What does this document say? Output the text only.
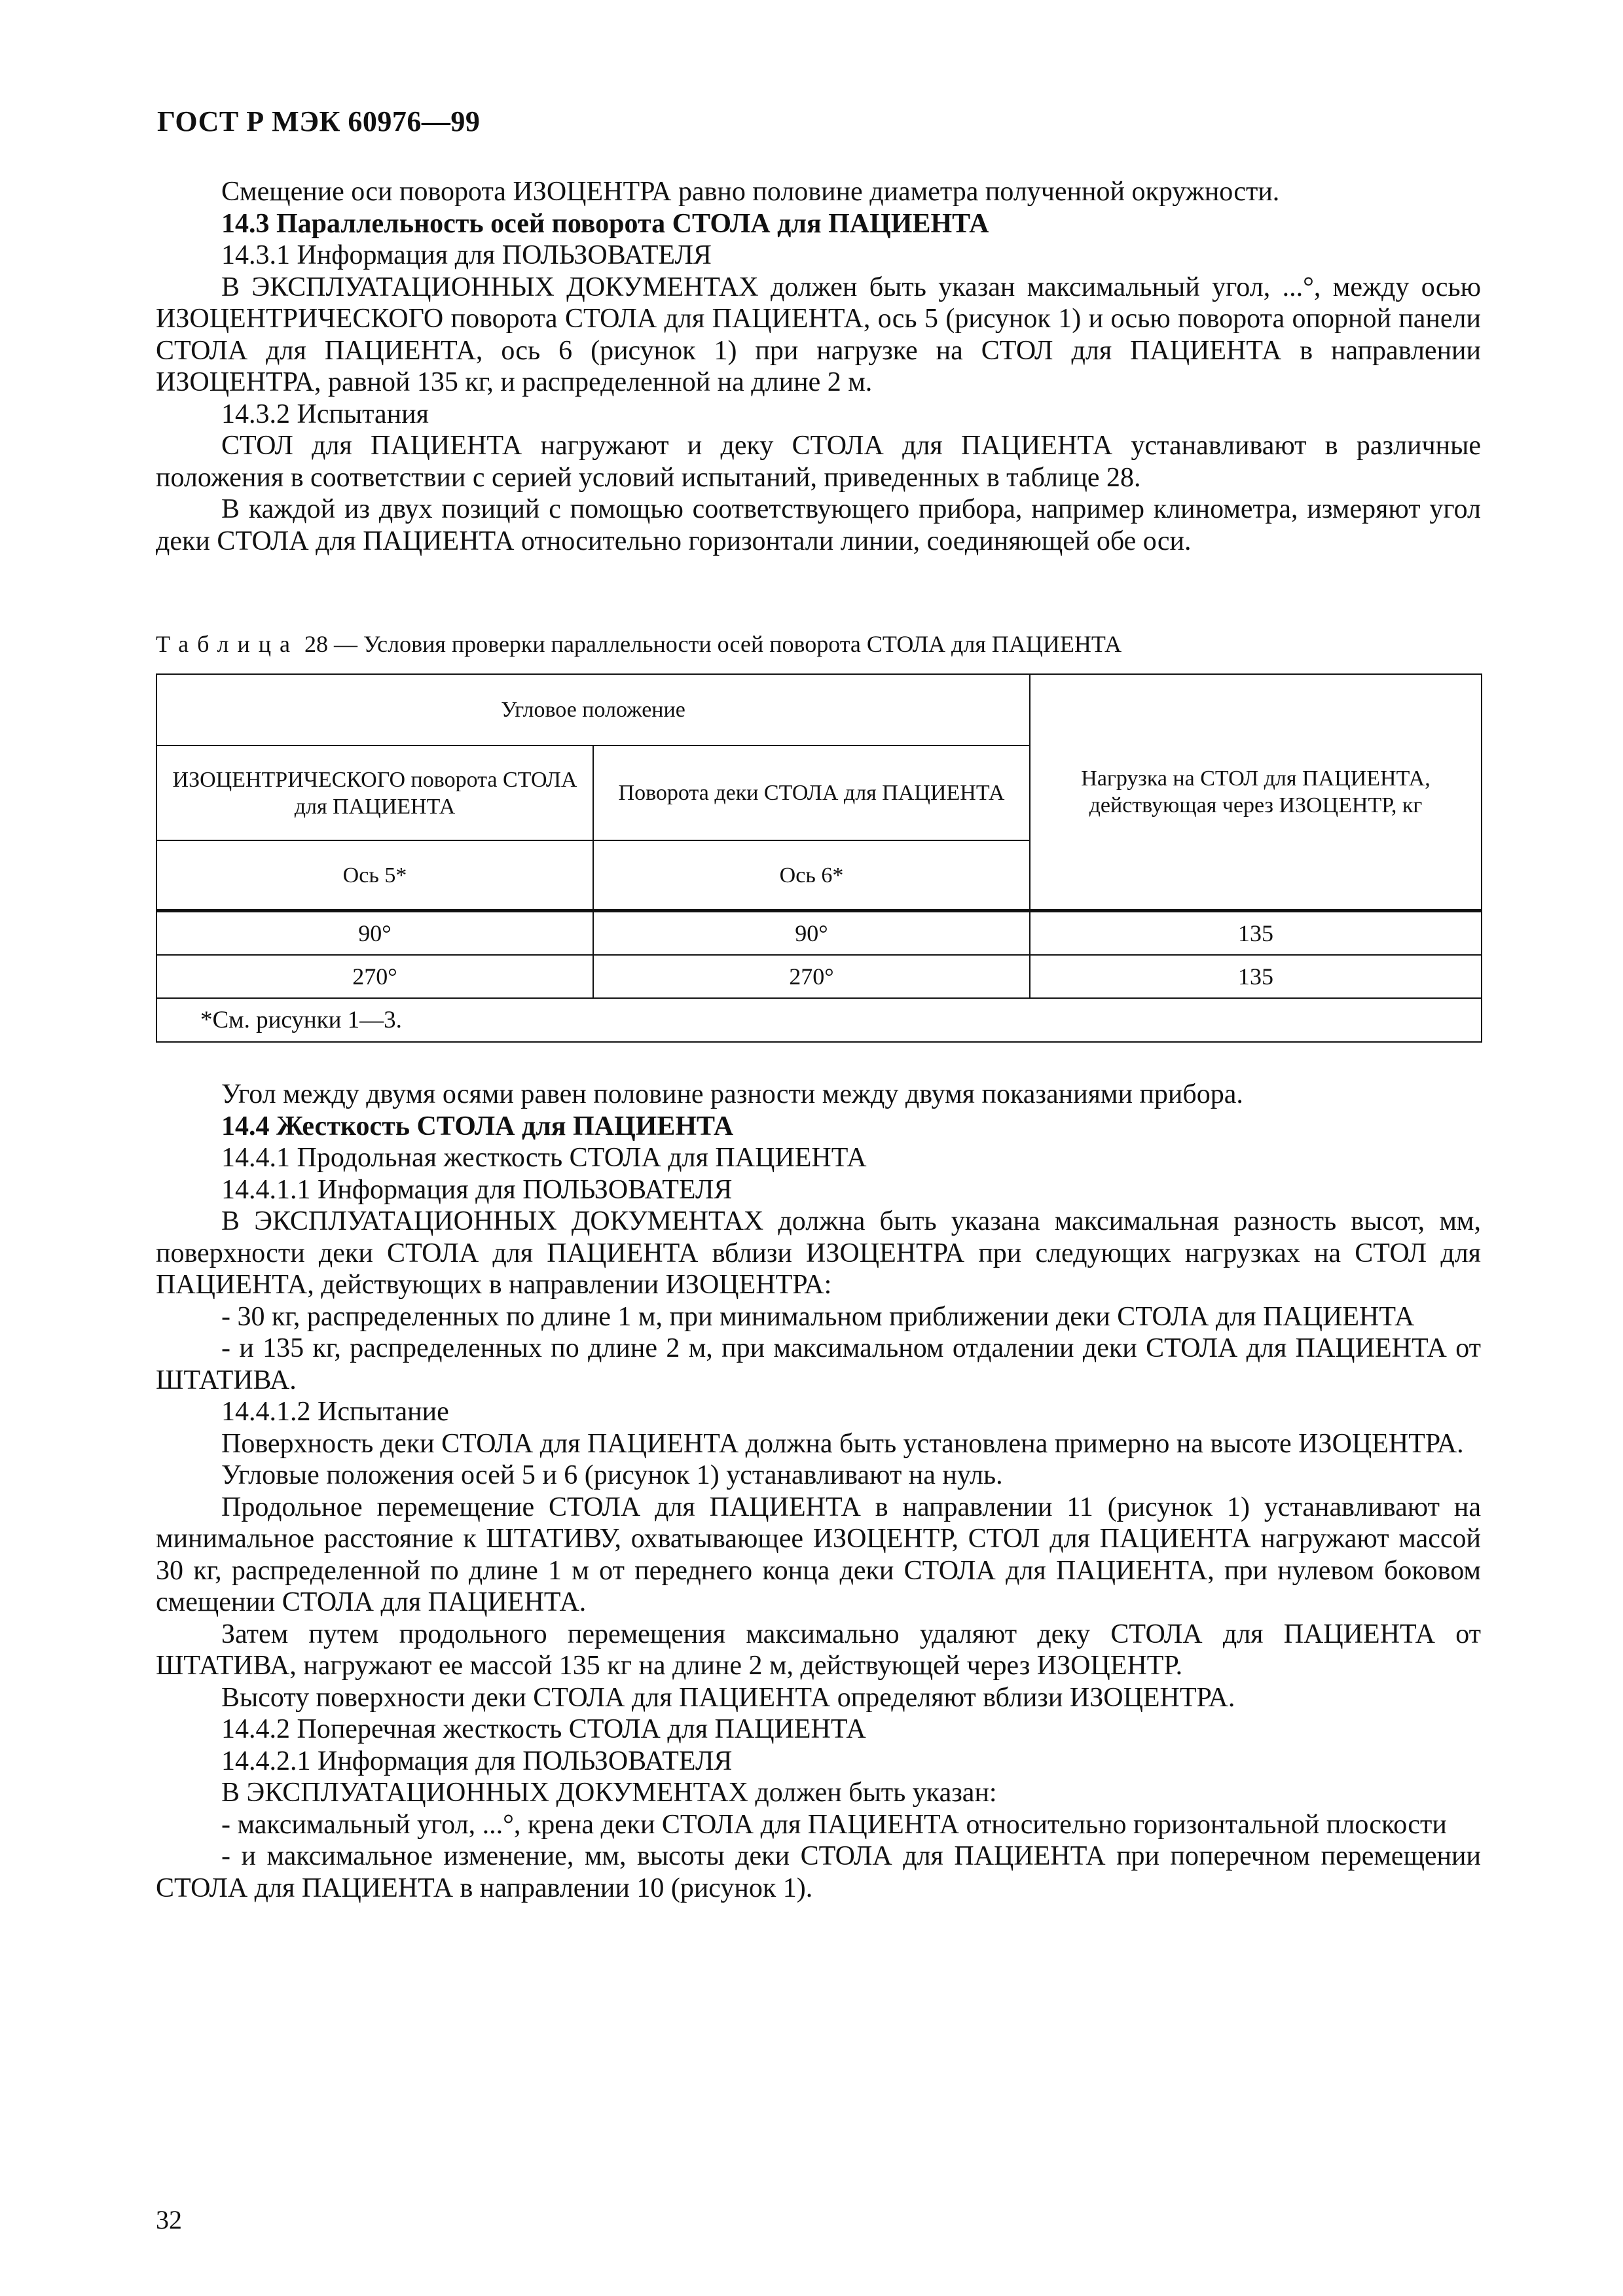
ГОСТ Р МЭК 60976—99

Смещение оси поворота ИЗОЦЕНТРА равно половине диаметра полученной окружности.

14.3 Параллельность осей поворота СТОЛА для ПАЦИЕНТА

14.3.1 Информация для ПОЛЬЗОВАТЕЛЯ

В ЭКСПЛУАТАЦИОННЫХ ДОКУМЕНТАХ должен быть указан максимальный угол, ...°, между осью ИЗОЦЕНТРИЧЕСКОГО поворота СТОЛА для ПАЦИЕНТА, ось 5 (рисунок 1) и осью поворота опорной панели СТОЛА для ПАЦИЕНТА, ось 6 (рисунок 1) при нагрузке на СТОЛ для ПАЦИЕНТА в направлении ИЗОЦЕНТРА, равной 135 кг, и распределенной на длине 2 м.

14.3.2 Испытания

СТОЛ для ПАЦИЕНТА нагружают и деку СТОЛА для ПАЦИЕНТА устанавливают в различные положения в соответствии с серией условий испытаний, приведенных в таблице 28.

В каждой из двух позиций с помощью соответствующего прибора, например клинометра, измеряют угол деки СТОЛА для ПАЦИЕНТА относительно горизонтали линии, соединяющей обе оси.

Таблица 28 — Условия проверки параллельности осей поворота СТОЛА для ПАЦИЕНТА
Угловое положение		Нагрузка на СТОЛ для ПАЦИЕНТА, действующая через ИЗОЦЕНТР, кг
ИЗОЦЕНТРИЧЕСКОГО поворота СТОЛА для ПАЦИЕНТА	Поворота деки СТОЛА для ПАЦИЕНТА	
Ось 5*	Ось 6*	
90°	90°	135
270°	270°	135
*См. рисунки 1—3.		

Угол между двумя осями равен половине разности между двумя показаниями прибора.

14.4 Жесткость СТОЛА для ПАЦИЕНТА

14.4.1 Продольная жесткость СТОЛА для ПАЦИЕНТА

14.4.1.1 Информация для ПОЛЬЗОВАТЕЛЯ

В ЭКСПЛУАТАЦИОННЫХ ДОКУМЕНТАХ должна быть указана максимальная разность высот, мм, поверхности деки СТОЛА для ПАЦИЕНТА вблизи ИЗОЦЕНТРА при следующих нагрузках на СТОЛ для ПАЦИЕНТА, действующих в направлении ИЗОЦЕНТРА:

- 30 кг, распределенных по длине 1 м, при минимальном приближении деки СТОЛА для ПАЦИЕНТА

- и 135 кг, распределенных по длине 2 м, при максимальном отдалении деки СТОЛА для ПАЦИЕНТА от ШТАТИВА.

14.4.1.2 Испытание

Поверхность деки СТОЛА для ПАЦИЕНТА должна быть установлена примерно на высоте ИЗОЦЕНТРА.

Угловые положения осей 5 и 6 (рисунок 1) устанавливают на нуль.

Продольное перемещение СТОЛА для ПАЦИЕНТА в направлении 11 (рисунок 1) устанавливают на минимальное расстояние к ШТАТИВУ, охватывающее ИЗОЦЕНТР, СТОЛ для ПАЦИЕНТА нагружают массой 30 кг, распределенной по длине 1 м от переднего конца деки СТОЛА для ПАЦИЕНТА, при нулевом боковом смещении СТОЛА для ПАЦИЕНТА.

Затем путем продольного перемещения максимально удаляют деку СТОЛА для ПАЦИЕНТА от ШТАТИВА, нагружают ее массой 135 кг на длине 2 м, действующей через ИЗОЦЕНТР.

Высоту поверхности деки СТОЛА для ПАЦИЕНТА определяют вблизи ИЗОЦЕНТРА.

14.4.2 Поперечная жесткость СТОЛА для ПАЦИЕНТА

14.4.2.1 Информация для ПОЛЬЗОВАТЕЛЯ

В ЭКСПЛУАТАЦИОННЫХ ДОКУМЕНТАХ должен быть указан:

- максимальный угол, ...°, крена деки СТОЛА для ПАЦИЕНТА относительно горизонтальной плоскости

- и максимальное изменение, мм, высоты деки СТОЛА для ПАЦИЕНТА при поперечном перемещении СТОЛА для ПАЦИЕНТА в направлении 10 (рисунок 1).

32
